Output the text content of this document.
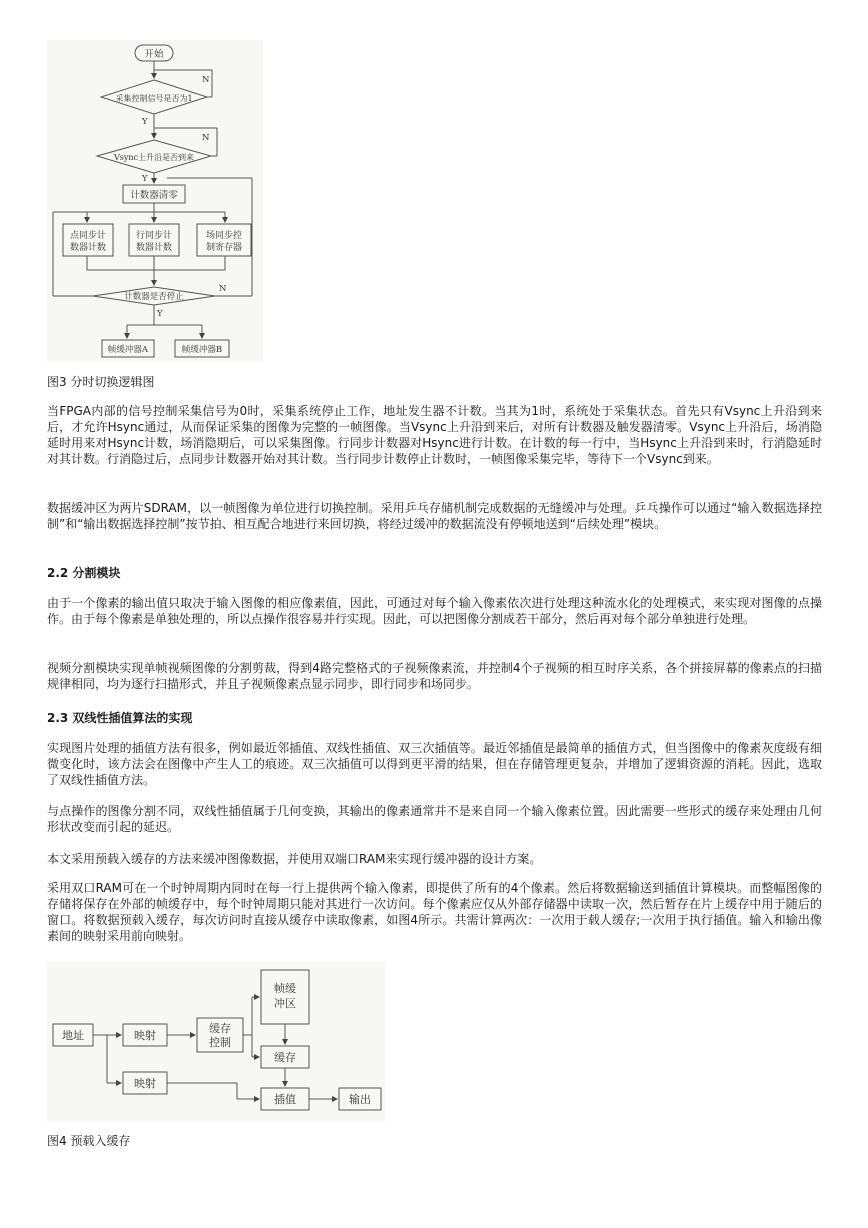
开始
采集控制信号是否为1
Vsync上升沿是否到来
计数器清零
点同步计
数器计数
行同步计
数器计数
场同步控
制寄存器
计数器是否停止
帧缓冲器A	帧缓冲器B
Y
Y
Y
N
N
N
图3 分时切换逻辑图
当FPGA内部的信号控制采集信号为0时，采集系统停止工作，地址发生器不计数。当其为1时，系统处于采集状态。首先只有Vsync上升沿到来后，才允许Hsync通过，从而保证采集的图像为完整的一帧图像。当Vsync上升沿到来后，对所有计数器及触发器清零。Vsync上升沿后，场消隐延时用来对Hsync计数，场消隐期后，可以采集图像。行同步计数器对Hsync进行计数。在计数的每一行中，当Hsync上升沿到来时，行消隐延时对其计数。行消隐过后，点同步计数器开始对其计数。当行同步计数停止计数时，一帧图像采集完毕，等待下一个Vsync到来。
数据缓冲区为两片SDRAM，以一帧图像为单位进行切换控制。采用乒乓存储机制完成数据的无缝缓冲与处理。乒乓操作可以通过“输入数据选择控制”和“输出数据选择控制”按节拍、相互配合地进行来回切换，将经过缓冲的数据流没有停顿地送到“后续处理”模块。
2.2 分割模块
由于一个像素的输出值只取决于输入图像的相应像素值，因此，可通过对每个输入像素依次进行处理这种流水化的处理模式，来实现对图像的点操作。由于每个像素是单独处理的，所以点操作很容易并行实现。因此，可以把图像分割成若干部分，然后再对每个部分单独进行处理。
视频分割模块实现单帧视频图像的分割剪裁，得到4路完整格式的子视频像素流，并控制4个子视频的相互时序关系，各个拼接屏幕的像素点的扫描规律相同，均为逐行扫描形式，并且子视频像素点显示同步，即行同步和场同步。
2.3 双线性插值算法的实现
实现图片处理的插值方法有很多，例如最近邻插值、双线性插值、双三次插值等。最近邻插值是最简单的插值方式，但当图像中的像素灰度级有细微变化时，该方法会在图像中产生人工的痕迹。双三次插值可以得到更平滑的结果，但在存储管理更复杂，并增加了逻辑资源的消耗。因此，选取了双线性插值方法。
与点操作的图像分割不同，双线性插值属于几何变换，其输出的像素通常并不是来自同一个输入像素位置。因此需要一些形式的缓存来处理由几何形状改变而引起的延迟。
本文采用预载入缓存的方法来缓冲图像数据，并使用双端口RAM来实现行缓冲器的设计方案。
采用双口RAM可在一个时钟周期内同时在每一行上提供两个输入像素，即提供了所有的4个像素。然后将数据输送到插值计算模块。而整幅图像的存储将保存在外部的帧缓存中，每个时钟周期只能对其进行一次访问。每个像素应仅从外部存储器中读取一次，然后暂存在片上缓存中用于随后的窗口。将数据预载入缓存，每次访问时直接从缓存中读取像素，如图4所示。共需计算两次：一次用于载人缓存;一次用于执行插值。输入和输出像素间的映射采用前向映射。
地址	映射
映射
缓存
控制
帧缓
冲区
缓存
插值	输出
图4 预载入缓存
